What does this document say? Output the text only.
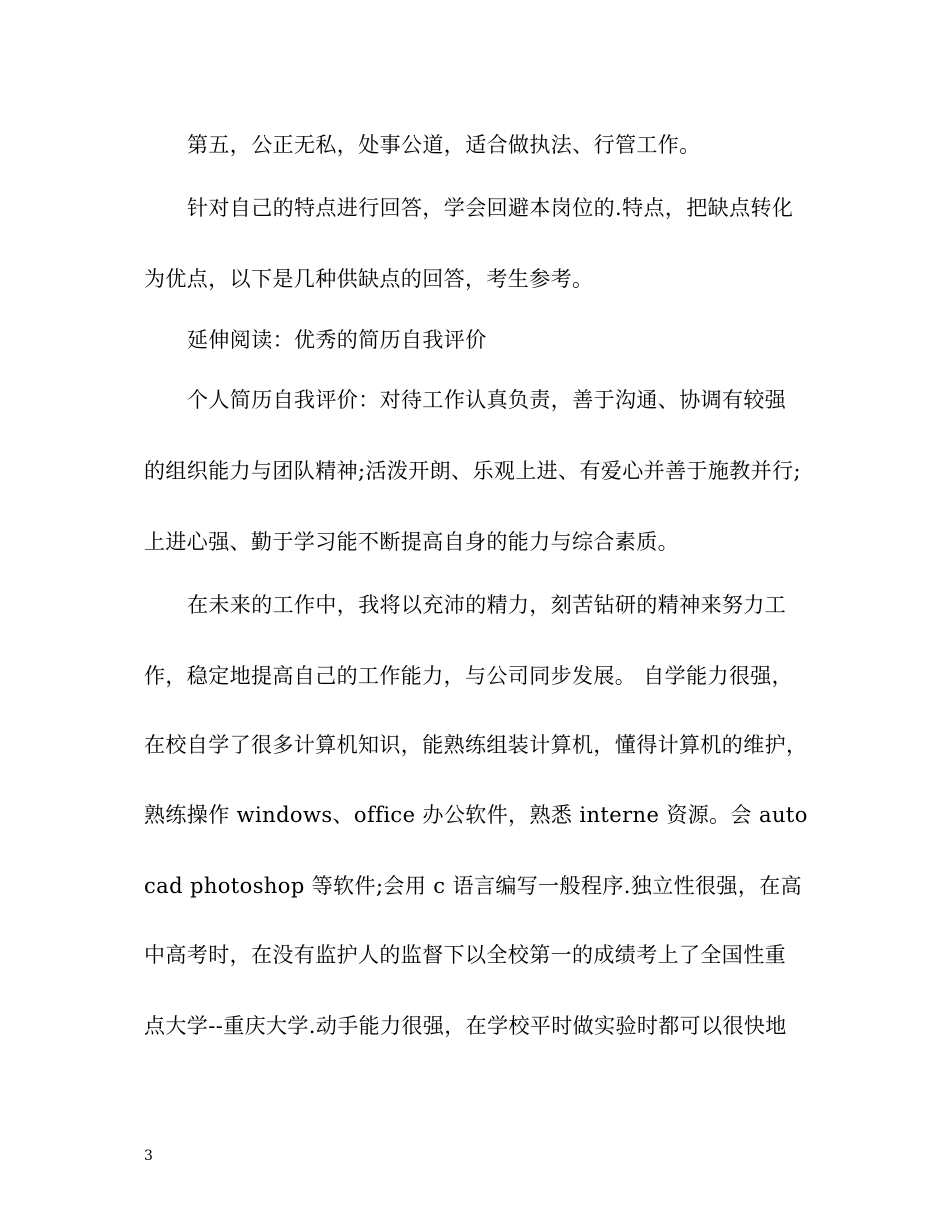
第五，公正无私，处事公道，适合做执法、行管工作。
针对自己的特点进行回答，学会回避本岗位的.特点，把缺点转化
为优点，以下是几种供缺点的回答，考生参考。
延伸阅读：优秀的简历自我评价
个人简历自我评价：对待工作认真负责，善于沟通、协调有较强
的组织能力与团队精神;活泼开朗、乐观上进、有爱心并善于施教并行;
上进心强、勤于学习能不断提高自身的能力与综合素质。
在未来的工作中，我将以充沛的精力，刻苦钻研的精神来努力工
作，稳定地提高自己的工作能力，与公司同步发展。 自学能力很强，
在校自学了很多计算机知识，能熟练组装计算机，懂得计算机的维护，
熟练操作 windows、office 办公软件，熟悉 interne 资源。会 auto
cad photoshop 等软件;会用 c 语言编写一般程序.独立性很强，在高
中高考时，在没有监护人的监督下以全校第一的成绩考上了全国性重
点大学--重庆大学.动手能力很强，在学校平时做实验时都可以很快地
3
